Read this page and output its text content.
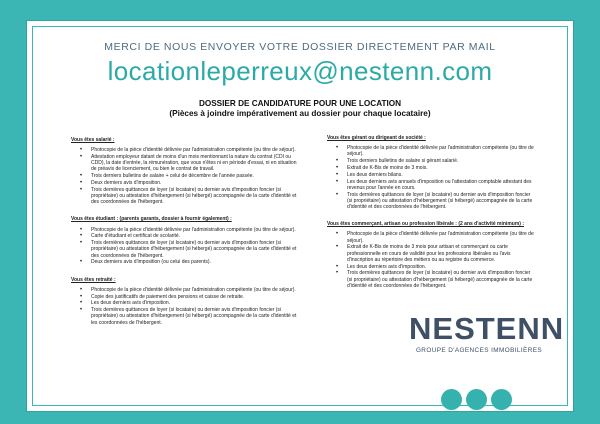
MERCI DE NOUS ENVOYER VOTRE DOSSIER DIRECTEMENT PAR MAIL
locationleperreux@nestenn.com
DOSSIER DE CANDIDATURE POUR UNE LOCATION
(Pièces à joindre impérativement au dossier pour chaque locataire)
Vous êtes salarié :
• Photocopie de la pièce d'identité délivrée par l'administration compétente (ou titre de séjour).
• Attestation employeur datant de moins d'un mois mentionnant la nature du contrat (CDI ou CDD), la date d'entrée, la rémunération, que vous n'êtes ni en période d'essai, ni en situation de préavis de licenciement, ou bien le contrat de travail.
• Trois derniers bulletins de salaire + celui de décembre de l'année passée.
• Deux derniers avis d'imposition.
• Trois dernières quittances de loyer (si locataire) ou dernier avis d'imposition foncier (si propriétaire) ou attestation d'hébergement (si hébergé) accompagnée de la carte d'identité et des coordonnées de l'hébergent.
Vous êtes étudiant : (parents garants, dossier à fournir également) :
• Photocopie de la pièce d'identité délivrée par l'administration compétente (ou titre de séjour).
• Carte d'étudiant et certificat de scolarité.
• Trois dernières quittances de loyer (si locataire) ou dernier avis d'imposition foncier (si propriétaire) ou attestation d'hébergement (si hébergé) accompagnée de la carte d'identité et des coordonnées de l'hébergent.
• Deux derniers avis d'imposition (ou celui des parents).
Vous êtes retraité :
• Photocopie de la pièce d'identité délivrée par l'administration compétente (ou titre de séjour).
• Copie des justificatifs de paiement des pensions et caisse de retraite.
• Les deux derniers avis d'imposition.
• Trois dernières quittances de loyer (si locataire) ou dernier avis d'imposition foncier (si propriétaire) ou attestation d'hébergement (si hébergé) accompagnée de la carte d'identité et les coordonnées de l'hébergent.
Vous êtes gérant ou dirigeant de société :
• Photocopie de la pièce d'identité délivrée par l'administration compétente (ou titre de séjour).
• Trois derniers bulletins de salaire si gérant salarié.
• Extrait de K-Bis de moins de 3 mois.
• Les deux derniers bilans.
• Les deux derniers avis annuels d'imposition ou l'attestation comptable attestant des revenus pour l'année en cours.
• Trois dernières quittances de loyer (si locataire) ou dernier avis d'imposition foncier (si propriétaire) ou attestation d'hébergement (si hébergé) accompagnée de la carte d'identité et des coordonnées de l'hébergent.
Vous êtes commerçant, artisan ou profession libérale : (2 ans d'activité minimum) :
• Photocopie de la pièce d'identité délivrée par l'administration compétente (ou titre de séjour).
• Extrait de K-Bis de moins de 3 mois pour artisan et commerçant ou carte professionnelle en cours de validité pour les professions libérales ou l'avis d'inscription au répertoire des métiers ou au registre du commerce.
• Les deux derniers avis d'imposition.
• Trois dernières quittances de loyer (si locataire) ou dernier avis d'imposition foncier (si propriétaire) ou attestation d'hébergement (si hébergé) accompagnée de la carte d'identité et des coordonnées de l'hébergent.
NESTENN
GROUPE D'AGENCES IMMOBILIÈRES
